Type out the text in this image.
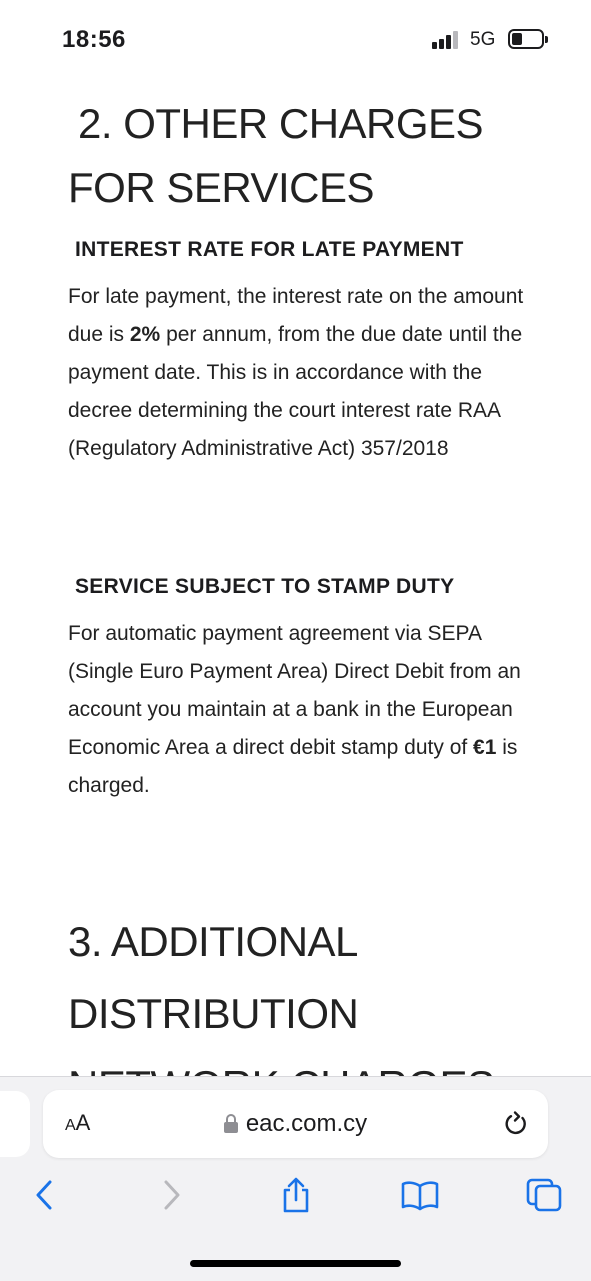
18:56	5G
2. OTHER CHARGES
FOR SERVICES
INTEREST RATE FOR LATE PAYMENT

For late payment, the interest rate on the amount due is 2% per annum, from the due date until the payment date. This is in accordance with the decree determining the court interest rate RAA (Regulatory Administrative Act) 357/2018

SERVICE SUBJECT TO STAMP DUTY

For automatic payment agreement via SEPA (Single Euro Payment Area) Direct Debit from an account you maintain at a bank in the European Economic Area a direct debit stamp duty of €1 is charged.

3. ADDITIONAL
DISTRIBUTION
AA	eac.com.cy
